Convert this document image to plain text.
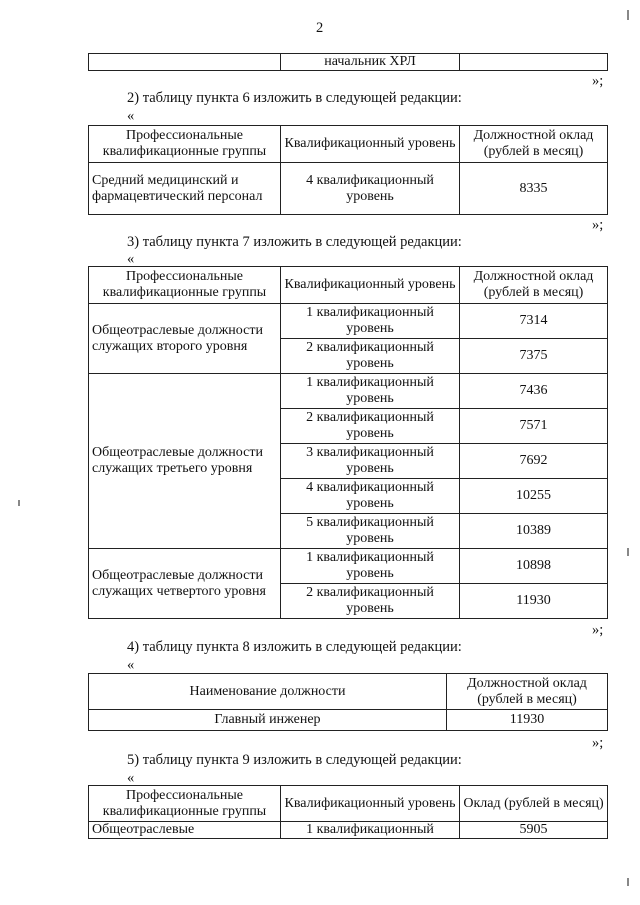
2
	начальник ХРЛ	
»;
2) таблицу пункта 6 изложить в следующей редакции:
«
Профессиональные квалификационные группы	Квалификационный уровень	Должностной оклад (рублей в месяц)
Средний медицинский и фармацевтический персонал	4 квалификационный уровень	8335
»;
3) таблицу пункта 7 изложить в следующей редакции:
«
Профессиональные квалификационные группы	Квалификационный уровень	Должностной оклад (рублей в месяц)
Общеотраслевые должности служащих второго уровня	1 квалификационный уровень	7314
	2 квалификационный уровень	7375
Общеотраслевые должности служащих третьего уровня	1 квалификационный уровень	7436
	2 квалификационный уровень	7571
	3 квалификационный уровень	7692
	4 квалификационный уровень	10255
	5 квалификационный уровень	10389
Общеотраслевые должности служащих четвертого уровня	1 квалификационный уровень	10898
	2 квалификационный уровень	11930
»;
4) таблицу пункта 8 изложить в следующей редакции:
«
Наименование должности	Должностной оклад (рублей в месяц)
Главный инженер	11930
»;
5) таблицу пункта 9 изложить в следующей редакции:
«
Профессиональные квалификационные группы	Квалификационный уровень	Оклад (рублей в месяц)
Общеотраслевые	1 квалификационный	5905
